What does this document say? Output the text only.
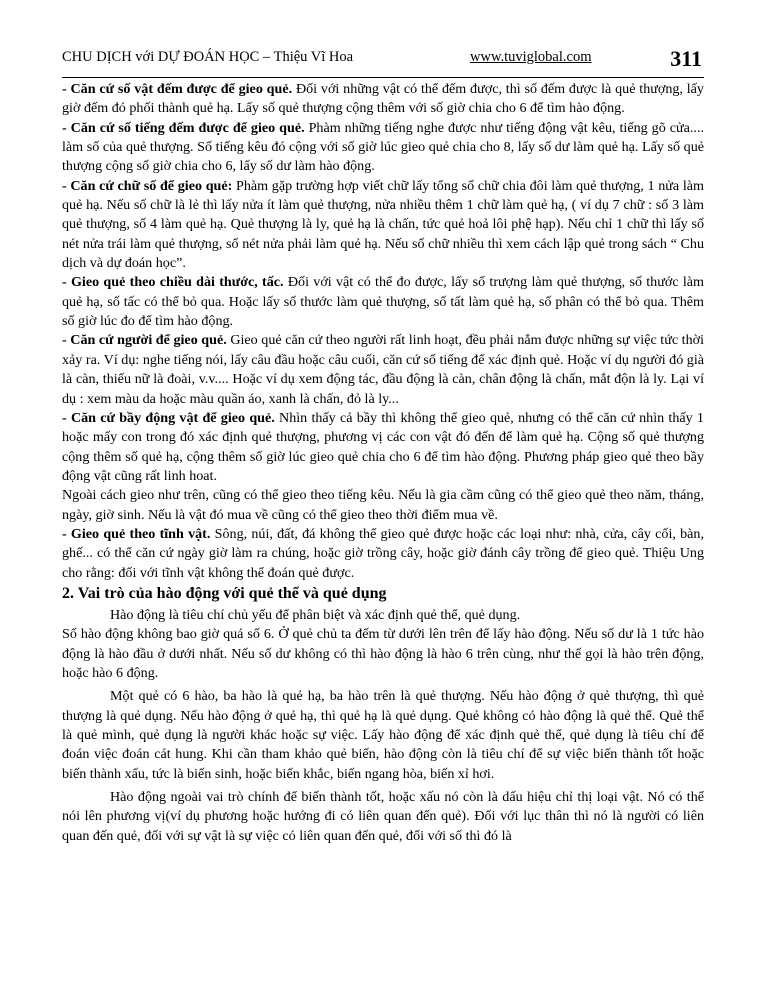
CHU DỊCH với DỰ ĐOÁN HỌC – Thiệu Vĩ Hoa	www.tuviglobal.com	311

- Căn cứ số vật đếm được để gieo quẻ. Đối với những vật có thể đếm được, thì số đếm được là quẻ thượng, lấy giờ đếm đó phối thành quẻ hạ. Lấy số quẻ thượng cộng thêm với số giờ chia cho 6 để tìm hào động.

- Căn cứ số tiếng đếm được để gieo quẻ. Phàm những tiếng nghe được như tiếng động vật kêu, tiếng gõ cửa.... làm số của quẻ thượng. Số tiếng kêu đó cộng với số giờ lúc gieo quẻ chia cho 8, lấy số dư làm quẻ hạ. Lấy số quẻ thượng cộng số giờ chia cho 6, lấy số dư làm hào động.

- Căn cứ chữ số để gieo quẻ: Phàm gặp trường hợp viết chữ lấy tổng số chữ chia đôi làm quẻ thượng, 1 nửa làm quẻ hạ. Nếu số chữ là lẻ thì lấy nửa ít làm quẻ thượng, nửa nhiều thêm 1 chữ làm quẻ hạ, ( ví dụ 7 chữ : số 3 làm quẻ thượng, số 4 làm quẻ hạ. Quẻ thượng là ly, quẻ hạ là chấn, tức quẻ hoả lôi phệ hạp). Nếu chỉ 1 chữ thì lấy số nét nửa trái làm quẻ thượng, số nét nửa phải làm quẻ hạ. Nếu số chữ nhiều thì xem cách lập quẻ trong sách “ Chu dịch và dự đoán học”.

- Gieo quẻ theo chiều dài thước, tấc. Đối với vật có thể đo được, lấy số trượng làm quẻ thượng, số thước làm quẻ hạ, số tấc có thể bỏ qua. Hoặc lấy số thước làm quẻ thượng, số tất làm quẻ hạ, số phân có thể bỏ qua. Thêm số giờ lúc đo để tìm hào động.

- Căn cứ người để gieo quẻ. Gieo quẻ căn cứ theo người rất linh hoạt, đều phải nắm được những sự việc tức thời xảy ra. Ví dụ: nghe tiếng nói, lấy câu đầu hoặc câu cuối, căn cứ số tiếng để xác định quẻ. Hoặc ví dụ người đó già là càn, thiếu nữ là đoài, v.v.... Hoặc ví dụ xem động tác, đầu động là càn, chân động là chấn, mắt độn là ly. Lại ví dụ : xem màu da hoặc màu quần áo, xanh là chấn, đỏ là ly...

- Căn cứ bầy động vật để gieo quẻ. Nhìn thấy cả bầy thì không thể gieo quẻ, nhưng có thể căn cứ nhìn thấy 1 hoặc mấy con trong đó xác định quẻ thượng, phương vị các con vật đó đến để làm quẻ hạ. Cộng số quẻ thượng cộng thêm số quẻ hạ, cộng thêm số giờ lúc gieo quẻ chia cho 6 để tìm hào động. Phương pháp gieo quẻ theo bầy động vật cũng rất linh hoat.

Ngoài cách gieo như trên, cũng có thể gieo theo tiếng kêu. Nếu là gia cầm cũng có thể gieo quẻ theo năm, tháng, ngày, giờ sinh. Nếu là vật đó mua về cũng có thể gieo theo thời điểm mua về.

- Gieo quẻ theo tĩnh vật. Sông, núi, đất, đá không thể gieo quẻ được hoặc các loại như: nhà, cửa, cây cối, bàn, ghế... có thể căn cứ ngày giờ làm ra chúng, hoặc giờ trồng cây, hoặc giờ đánh cây trồng để gieo quẻ. Thiệu Ung cho rằng: đối với tĩnh vật không thể đoán quẻ được.

2. Vai trò của hào động với quẻ thể và quẻ dụng

Hào động là tiêu chí chủ yếu để phân biệt và xác định quẻ thể, quẻ dụng.
Số hào động không bao giờ quá số 6. Ở quẻ chủ ta đếm từ dưới lên trên để lấy hào động. Nếu số dư là 1 tức hào động là hào đầu ở dưới nhất. Nếu số dư không có thì hào động là hào 6 trên cùng, như thế gọi là hào trên động, hoặc hào 6 động.

Một quẻ có 6 hào, ba hào là quẻ hạ, ba hào trên là quẻ thượng. Nếu hào động ở quẻ thượng, thì quẻ thượng là quẻ dụng. Nếu hào động ở quẻ hạ, thì quẻ hạ là quẻ dụng. Quẻ không có hào động là quẻ thể. Quẻ thể là quẻ mình, quẻ dụng là người khác hoặc sự việc. Lấy hào động để xác định quẻ thể, quẻ dụng là tiêu chí để đoán việc đoán cát hung. Khi cần tham khảo quẻ biến, hào động còn là tiêu chí để sự việc biến thành tốt hoặc biến thành xấu, tức là biến sinh, hoặc biến khắc, biến ngang hòa, biến xỉ hơi.

Hào động ngoài vai trò chính để biến thành tốt, hoặc xấu nó còn là dấu hiệu chỉ thị loại vật. Nó có thể nói lên phương vị(ví dụ phương hoặc hướng đi có liên quan đến quẻ). Đối với lục thân thì nó là người có liên quan đến quẻ, đối với sự vật là sự việc có liên quan đến quẻ, đối với số thì đó là
